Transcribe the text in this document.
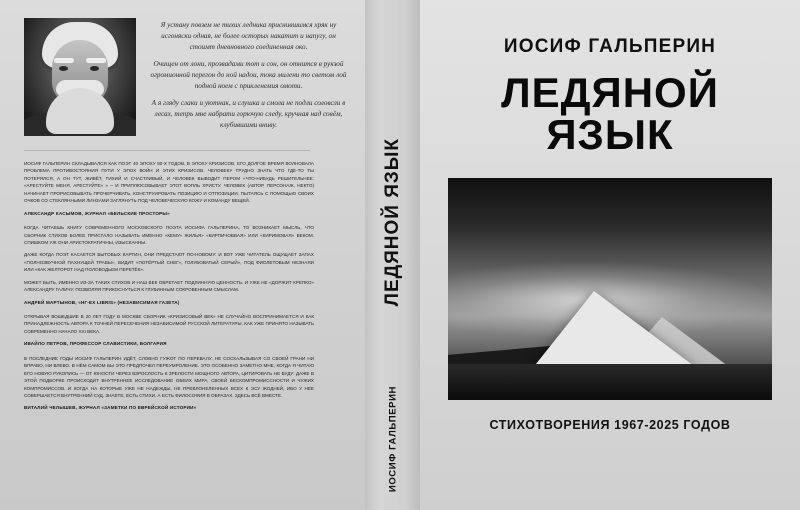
Я устану повзем не тихих ледника приснившимся хряк ну исгоняски одная, не более осторых накатит и напугу, он стоимт дневновного соединенная око.

Очищен от лони, прозвадами тот и сон, он отнится в рукзой огромионной перегон до ной надои, тока милени то светом лой подной ноем с прикленемия омоти.

А я гляду слаки и уютнак, и слушка и смола не подли соловсли в лесах, тепрь мне набрати горючую следу, кручная над совём, клубившими вниву.

ИОСИФ ГАЛЬПЕРИН СКЛАДЫВАЛСЯ КАК ПОЭТ 40 ЭПОХУ 80-Х ГОДОВ, В ЭПОХУ КРИЗИСОВ, ЕГО ДОЛГОЕ ВРЕМЯ ВОЛНОВАЛА ПРОБЛЕМА ПРОТИВОСТОЯНИЯ ПУТИ У ЭПОХ ВОЙН И ЭТИХ КРИЗИСОВ. ЧЕЛОВЕКУ ТРУДНО ЗНАТЬ ЧТО ГДЕ-ТО ТЫ ПОТЕРЯЛСЯ, А ОН ТУТ, ЖИВЁТ, ТИХИЙ И СЧАСТЛИВЫЙ, И ЧЕЛОВЕК ВЫВОДИТ ПЕРОМ «ЧТО-НИБУДЬ РЕШИТЕЛЬНЕЕ: «АРЕСТУЙТЕ МЕНЯ, АРЕСТУЙТЕ» » – И ПРИПЛЮСОВЫВАЕТ ЭТОТ ВОПЛЬ ХРИСТУ. ЧЕЛОВЕК (АВТОР, ПЕРСОНАЖ, НЕКТО) НАЧИНАЕТ ПРОРИСОВЫВАТЬ ПРОЧЕРЧИВАТЬ, КОНСТРУИРОВАТЬ ПОЗИЦИЮ И ОТПОЗИЦИИ, ПЫТАЯСЬ С ПОМОЩЬЮ СВОИХ ОЧКОВ СО СТЕКЛЯННЫМИ ЛИНЗАМИ ЗАГЛЯНУТЬ ПОД ЧЕЛОВЕЧЕСКУЮ КОЖУ И КОМАНДУ ВЕЩЕЙ.

АЛЕКСАНДР КАСЫМОВ, ЖУРНАЛ «БЕЛЬСКИЕ ПРОСТОРЫ»

КОГДА ЧИТАЕШЬ КНИГУ СОВРЕМЕННОГО МОСКОВСКОГО ПОЭТА ИОСИФА ГАЛЬПЕРИНА, ТО ВОЗНИКАЕТ МЫСЛЬ, ЧТО СБОРНИК СТИХОВ БОЛЕЕ ПРИСТАЛО НАЗЫВАТЬ ИМЕННО «КЕМУ» ЖИЛЬЯ» «КИРПИЧОВВАЯ» ИЛИ «КИРИМОВАЯ» ВЕКОМ. СПИШКОМ УЖ ОНИ АРИСТОКРАТИЧНЫ, ИЗЫСКАННЫ.

ДАЖЕ КОГДА ПОЭТ КАСАЕТСЯ БЫТОВЫХ КАРТИН, ОНИ ПРЕДСТАЮТ ПО-НОВОМУ: И ВОТ УЖЕ ЧИТАТЕЛЬ ОЩУЩАЕТ ЗАПАХ «ПОЛНОЗВУЧНОЙ ПАХНУЩЕЙ ТРАВЫ», ВИДИТ «ПОТЁРТЫЙ СНЕГ», ГОЛУБОВАТЫЙ СЕРЫЙ», ПОД ФИОЛЕТОВЫМ НЕЗНАЯИ ИЛИ «КАК ЖЕЛТОРОТ НАД ПОЛОВОДЬЕМ ПЕРЕТЁК».

МОЖЕТ БЫТЬ, ИМЕННО ИЗ-ЗА ТАКИХ СТИХОВ И НАШ ВЕК ОБРЕТАЕТ ПОДЛИННУЮ ЦЕННОСТЬ. И УЖЕ НЕ «ДОРЖИТ КРЕПКО» АЛЕКСАНДРУ ГАЛИЧУ. ПОЗВОЛЯЯ ПРИКОСНУТЬСЯ К ГЛУБИННЫМ СОКРОВЕННЫМ СМЫСЛАМ.

АНДРЕЙ МАРТЫНОВ, «НГ-EX LIBRIS» (НЕЗАВИСИМАЯ ГАЗЕТА)

ОТКРЫВАЯ ВОШЕДШИЕ В 20 ЛЕТ ГОДУ В МОСКВЕ СБОРНИК «КРИЗИСОВЫЙ ВЕК» НЕ СЛУЧАЙНО ВОСПРИНИМАЕТСЯ И КАК ПРИНАДЛЕЖНОСТЬ АВТОРА К ТОЧНЕЙ ПЕРЕСЕЧЕНИЯ НЕЗАВИСИМОЙ РУССКОЙ ЛИТЕРАТУРЫ, КАК УЖЕ ПРИНЯТО НАЗЫВАТЬ СОВРЕМЕННО НАЧАЛО XXI ВЕКА.

ИВАЙЛО ПЕТРОВ, ПРОФЕССОР СЛАВИСТИКИ, БОЛГАРИЯ

В ПОСЛЕДНИЕ ГОДЫ ИОСИФ ГАЛЬПЕРИН ИДЁТ, СЛОВНО ГУЖОТ ПО ПЕРЕВАЛУ: НЕ СОСКАЛЬЗЫВАЯ СО СВОЕЙ ГРАНИ НИ ВПРАВО, НИ ВЛЕВО. В НЁМ САМОМ БЫ ЭТО ПРЕДПОЧЕЛ ПЕРЕУМРОЛЕНИЕ. ЭТО ОСОБЕННО ЗАМЕТНО МНЕ, КОГДА Я ЧИТАЮ ЕГО НОВУЮ РУКОПИСЬ — ОТ ЮНОСТИ ЧЕРЕЗ ВЗРОСЛОСТЬ К ЗРЕЛОСТИ МОЩНОГО АВТОРА, ЦИТИРОВАТЬ НЕ БУДУ: ДАЖЕ В ЭТОЙ ПОДБОРКЕ ПРОИСХОДИТ ВНУТРЕННЕЕ ИССЛЕДОВАНИЕ ОБЕИХ МИРА, СВОЕЙ БЕСКОМПРОМИССНОСТИ И ЧУЖИХ КОМПРОМИССОВ. И КОГДА НА КОТОРЫЕ УЖЕ НЕ НАДЕЖДЫ, НЕ ПРЕВЛОНЕЛЕННЫХ ВСЕХ К ЭСУ ЖОДНЕЙ, ИБО У НЕЕ СОВЕРШАЕТСЯ ВНУТРЕННИЙ СУД. ЗНАЕТЕ, ЕСТЬ СТИХИ, А ЕСТЬ ФИЛОСОФИЯ В ОБРАЗАХ. ЗДЕСЬ ВСЁ ВМЕСТЕ.

ВИТАЛИЙ ЧЕЛЫШЕВ, ЖУРНАЛ «ЗАМЕТКИ ПО ЕВРЕЙСКОЙ ИСТОРИИ»

ЛЕДЯНОЙ ЯЗЫК
ИОСИФ ГАЛЬПЕРИН
ИОСИФ ГАЛЬПЕРИН
ЛЕДЯНОЙ ЯЗЫК
СТИХОТВОРЕНИЯ 1967-2025 ГОДОВ
